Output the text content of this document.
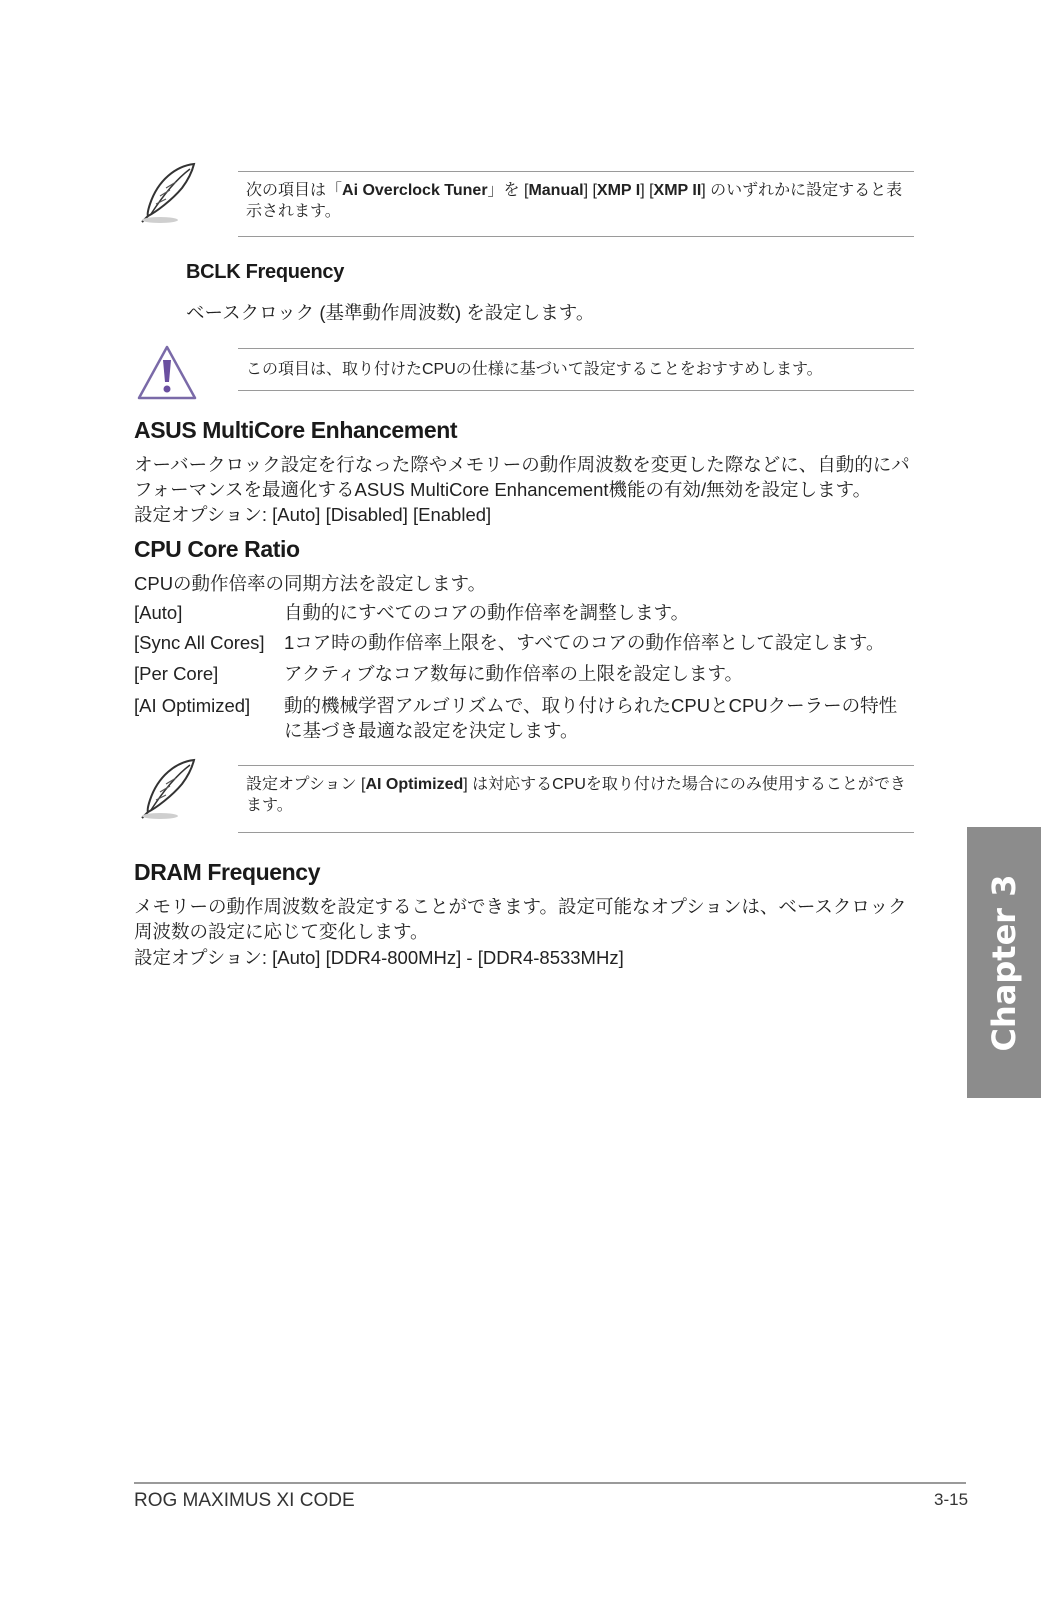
次の項目は「Ai Overclock Tuner」を [Manual] [XMP I] [XMP II] のいずれかに設定すると表示されます。
BCLK Frequency
ベースクロック (基準動作周波数) を設定します。
この項目は、取り付けたCPUの仕様に基づいて設定することをおすすめします。
ASUS MultiCore Enhancement
オーバークロック設定を行なった際やメモリーの動作周波数を変更した際などに、自動的にパフォーマンスを最適化するASUS MultiCore Enhancement機能の有効/無効を設定します。
設定オプション: [Auto] [Disabled] [Enabled]
CPU Core Ratio
CPUの動作倍率の同期方法を設定します。
[Auto]	自動的にすべてのコアの動作倍率を調整します。
[Sync All Cores] 1コア時の動作倍率上限を、すべてのコアの動作倍率として設定します。
[Per Core]	アクティブなコア数毎に動作倍率の上限を設定します。
[AI Optimized] 動的機械学習アルゴリズムで、取り付けられたCPUとCPUクーラーの特性に基づき最適な設定を決定します。
設定オプション [AI Optimized] は対応するCPUを取り付けた場合にのみ使用することができます。
DRAM Frequency
メモリーの動作周波数を設定することができます。設定可能なオプションは、ベースクロック周波数の設定に応じて変化します。
設定オプション: [Auto] [DDR4-800MHz] - [DDR4-8533MHz]	Chapter 3
ROG MAXIMUS XI CODE	3-15
